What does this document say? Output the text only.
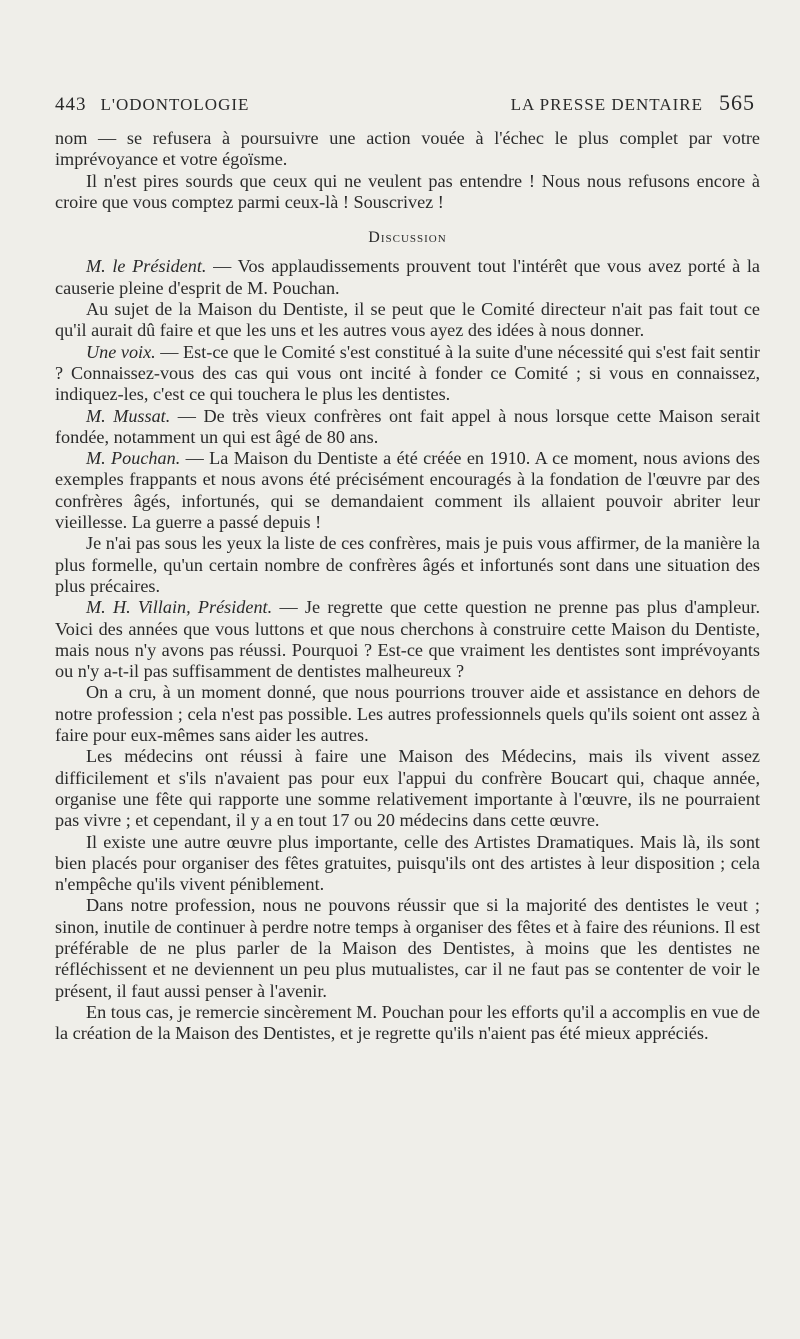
443 L'ODONTOLOGIE	LA PRESSE DENTAIRE 565

nom — se refusera à poursuivre une action vouée à l'échec le plus complet par votre imprévoyance et votre égoïsme.

Il n'est pires sourds que ceux qui ne veulent pas entendre ! Nous nous refusons encore à croire que vous comptez parmi ceux-là ! Souscrivez !

Discussion

M. le Président. — Vos applaudissements prouvent tout l'intérêt que vous avez porté à la causerie pleine d'esprit de M. Pouchan.

Au sujet de la Maison du Dentiste, il se peut que le Comité directeur n'ait pas fait tout ce qu'il aurait dû faire et que les uns et les autres vous ayez des idées à nous donner.

Une voix. — Est-ce que le Comité s'est constitué à la suite d'une nécessité qui s'est fait sentir ? Connaissez-vous des cas qui vous ont incité à fonder ce Comité ; si vous en connaissez, indiquez-les, c'est ce qui touchera le plus les dentistes.

M. Mussat. — De très vieux confrères ont fait appel à nous lorsque cette Maison serait fondée, notamment un qui est âgé de 80 ans.

M. Pouchan. — La Maison du Dentiste a été créée en 1910. A ce moment, nous avions des exemples frappants et nous avons été précisément encouragés à la fondation de l'œuvre par des confrères âgés, infortunés, qui se demandaient comment ils allaient pouvoir abriter leur vieillesse. La guerre a passé depuis !

Je n'ai pas sous les yeux la liste de ces confrères, mais je puis vous affirmer, de la manière la plus formelle, qu'un certain nombre de confrères âgés et infortunés sont dans une situation des plus précaires.

M. H. Villain, Président. — Je regrette que cette question ne prenne pas plus d'ampleur. Voici des années que vous luttons et que nous cherchons à construire cette Maison du Dentiste, mais nous n'y avons pas réussi. Pourquoi ? Est-ce que vraiment les dentistes sont imprévoyants ou n'y a-t-il pas suffisamment de dentistes malheureux ?

On a cru, à un moment donné, que nous pourrions trouver aide et assistance en dehors de notre profession ; cela n'est pas possible. Les autres professionnels quels qu'ils soient ont assez à faire pour eux-mêmes sans aider les autres.

Les médecins ont réussi à faire une Maison des Médecins, mais ils vivent assez difficilement et s'ils n'avaient pas pour eux l'appui du confrère Boucart qui, chaque année, organise une fête qui rapporte une somme relativement importante à l'œuvre, ils ne pourraient pas vivre ; et cependant, il y a en tout 17 ou 20 médecins dans cette œuvre.

Il existe une autre œuvre plus importante, celle des Artistes Dramatiques. Mais là, ils sont bien placés pour organiser des fêtes gratuites, puisqu'ils ont des artistes à leur disposition ; cela n'empêche qu'ils vivent péniblement.

Dans notre profession, nous ne pouvons réussir que si la majorité des dentistes le veut ; sinon, inutile de continuer à perdre notre temps à organiser des fêtes et à faire des réunions. Il est préférable de ne plus parler de la Maison des Dentistes, à moins que les dentistes ne réfléchissent et ne deviennent un peu plus mutualistes, car il ne faut pas se contenter de voir le présent, il faut aussi penser à l'avenir.

En tous cas, je remercie sincèrement M. Pouchan pour les efforts qu'il a accomplis en vue de la création de la Maison des Dentistes, et je regrette qu'ils n'aient pas été mieux appréciés.
